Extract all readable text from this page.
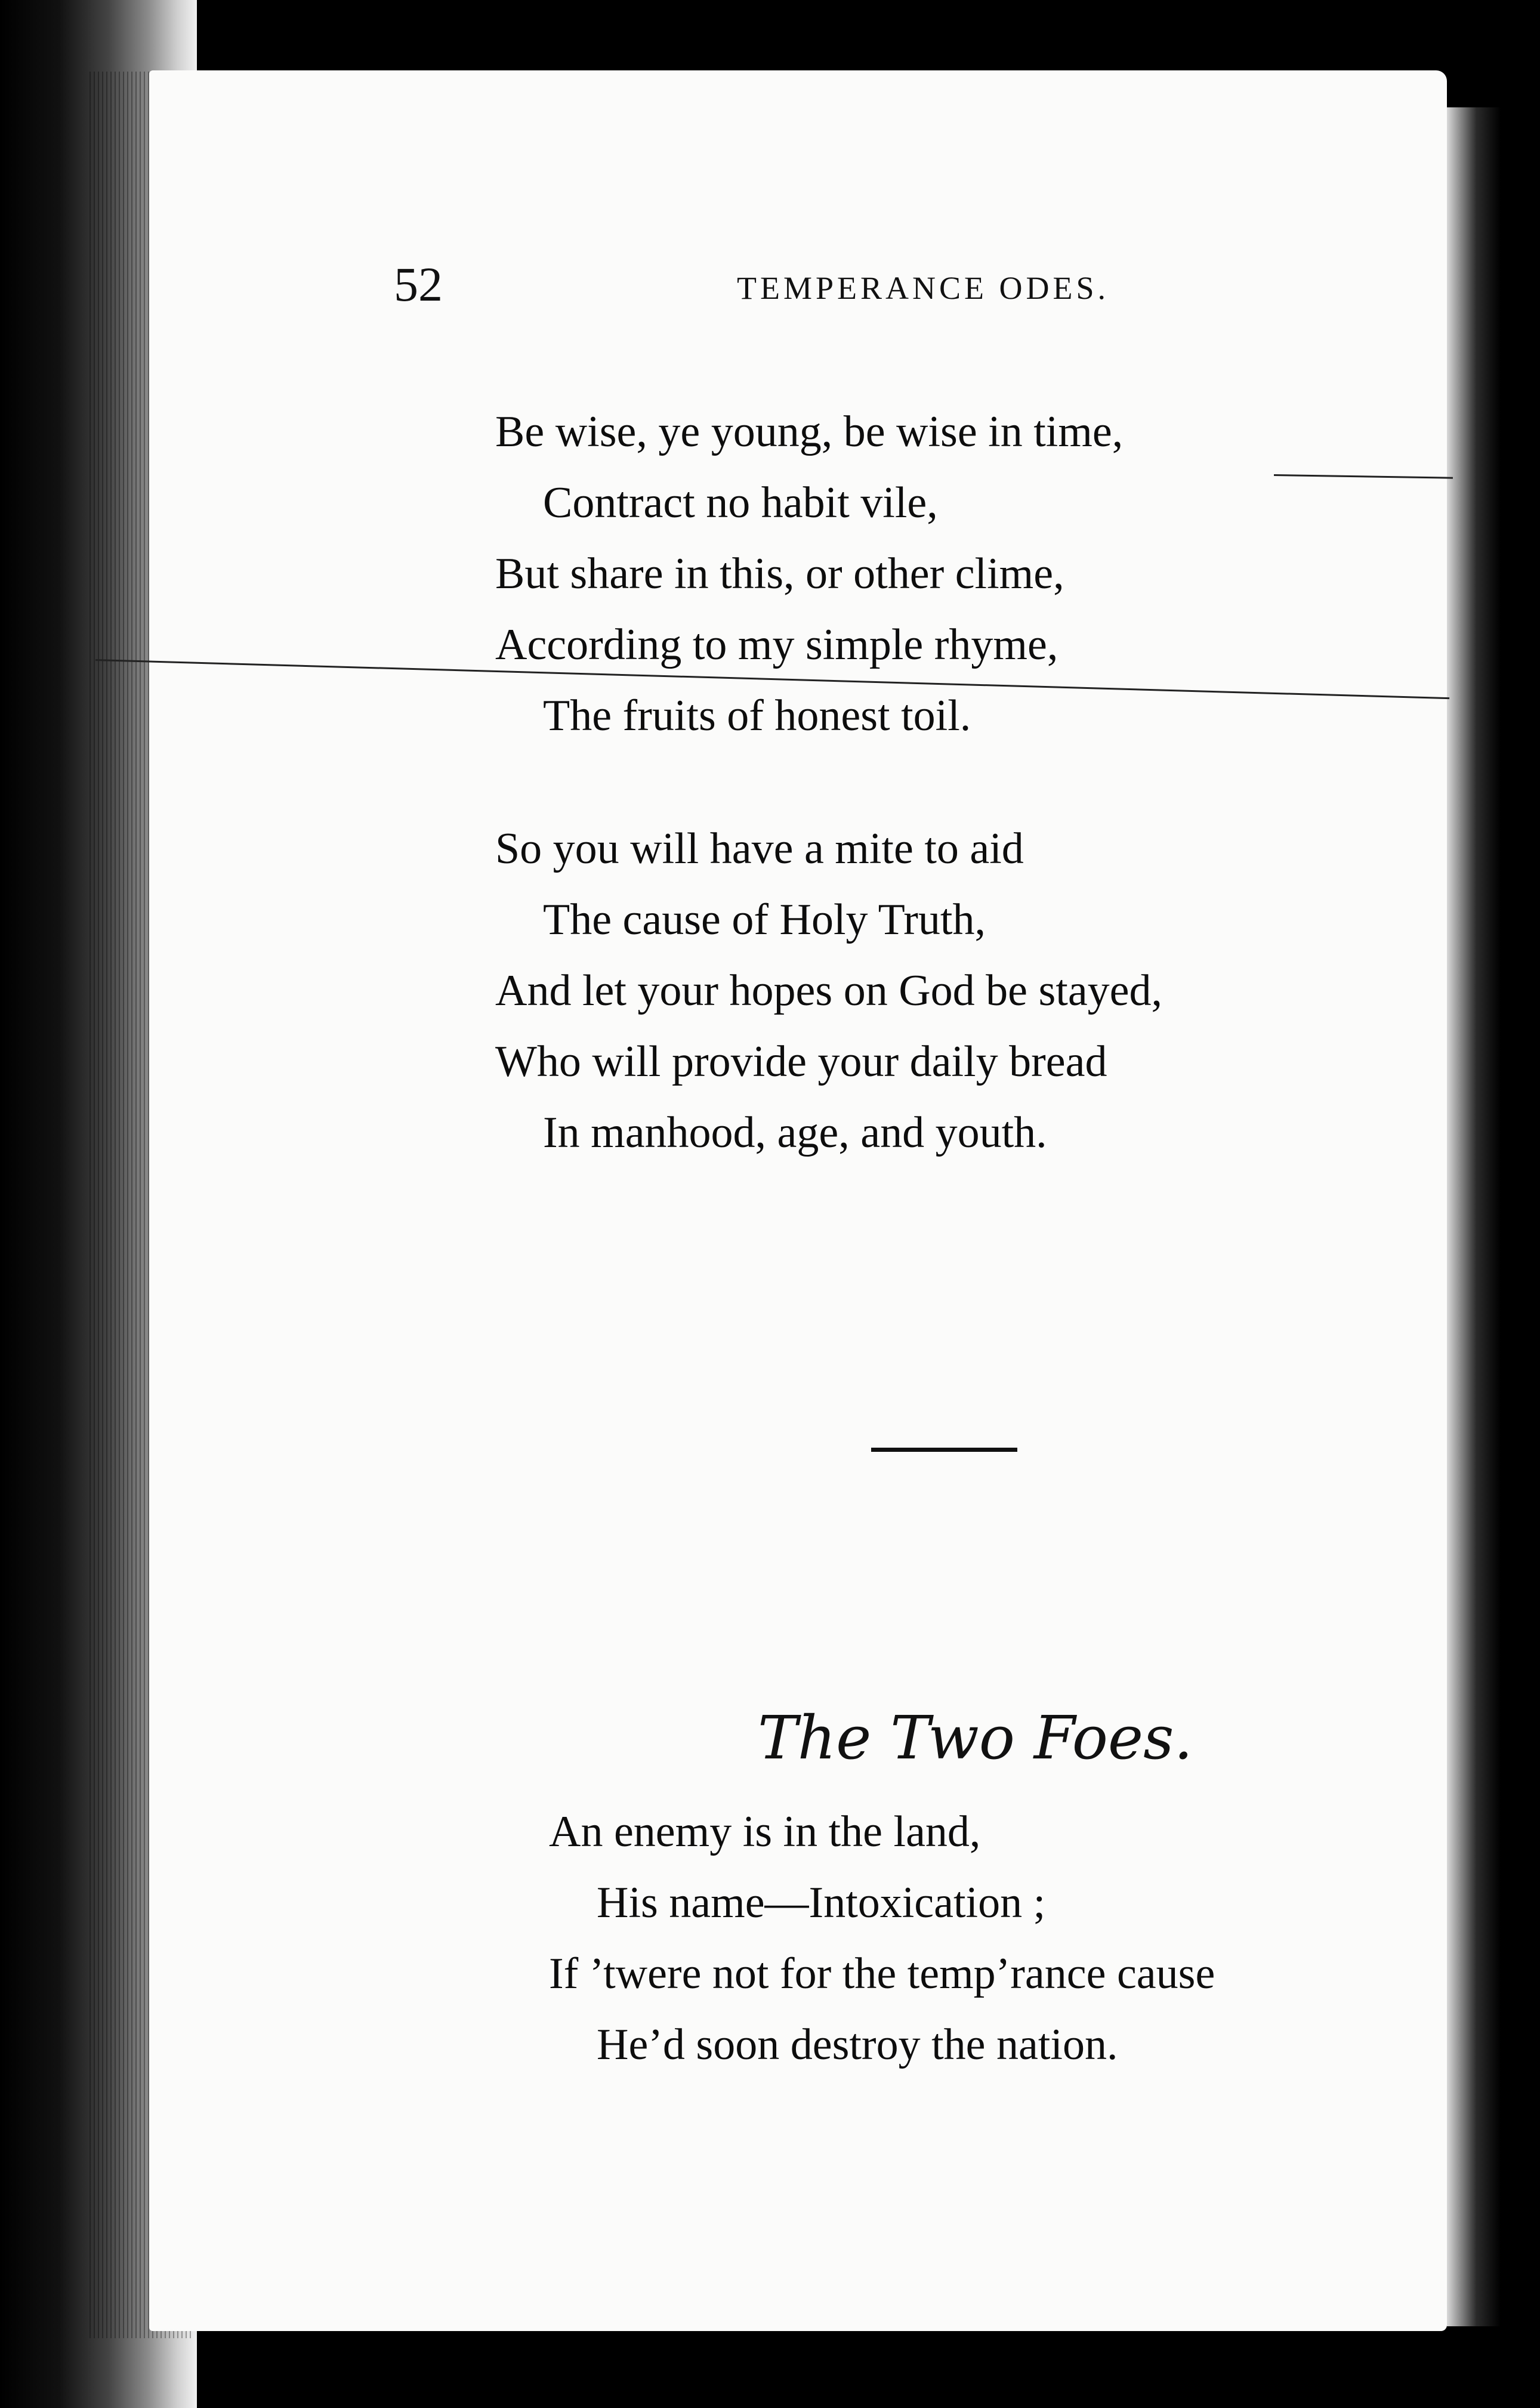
52	TEMPERANCE ODES.
Be wise, ye young, be wise in time,
Contract no habit vile,
But share in this, or other clime,
According to my simple rhyme,
The fruits of honest toil.
So you will have a mite to aid
The cause of Holy Truth,
And let your hopes on God be stayed,
Who will provide your daily bread
In manhood, age, and youth.
The Two Foes.
An enemy is in the land,
His name—Intoxication ;
If ’twere not for the temp’rance cause
He’d soon destroy the nation.
